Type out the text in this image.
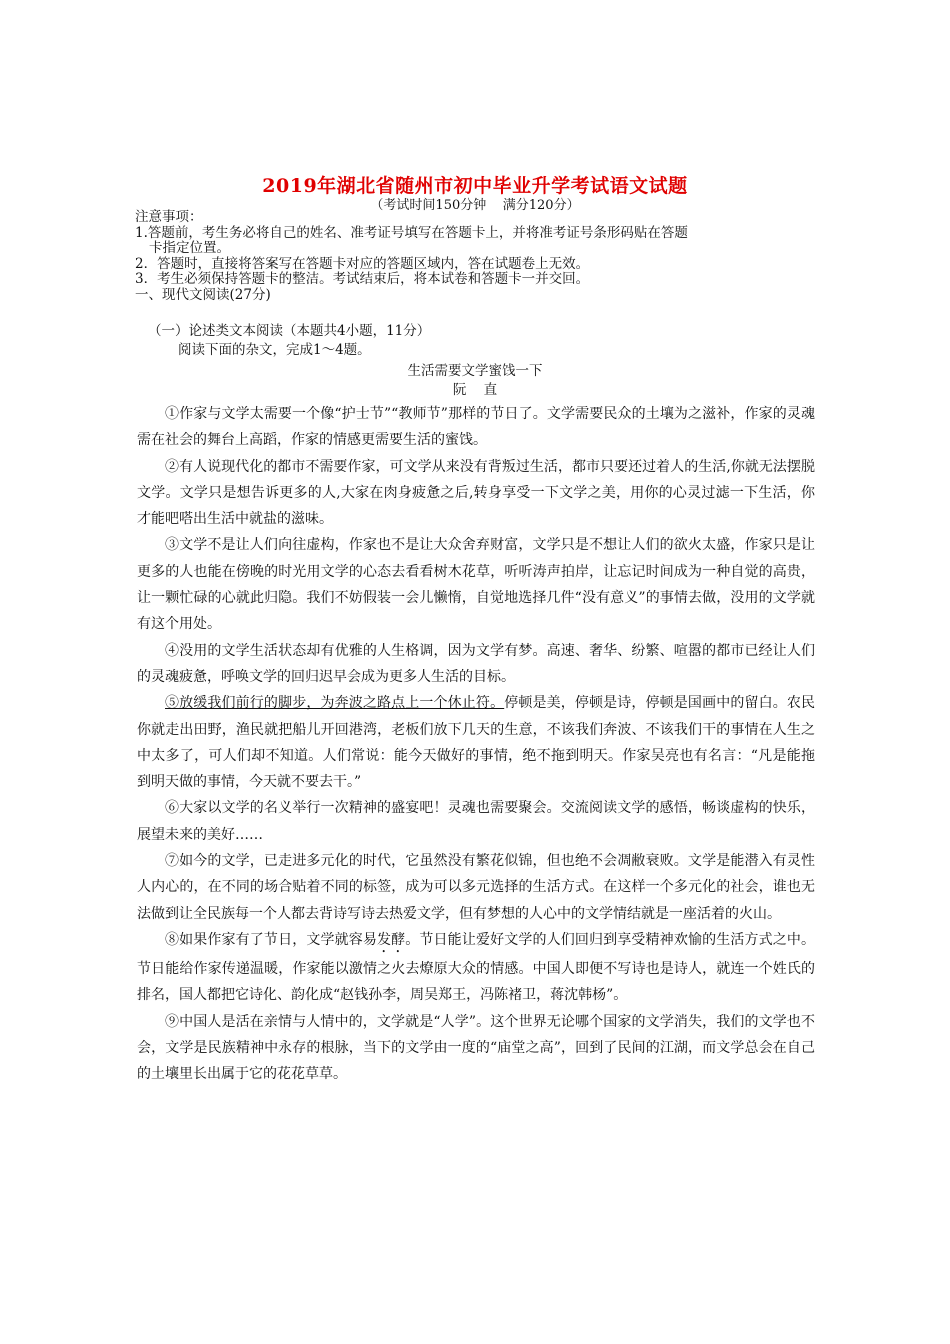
2019年湖北省随州市初中毕业升学考试语文试题
（考试时间150分钟    满分120分）
注意事项：
1.答题前，考生务必将自己的姓名、准考证号填写在答题卡上，并将准考证号条形码贴在答题
卡指定位置。
2．答题时，直接将答案写在答题卡对应的答题区域内，答在试题卷上无效。
3．考生必须保持答题卡的整洁。考试结束后，将本试卷和答题卡一并交回。
一、现代文阅读(27分)
（一）论述类文本阅读（本题共4小题，11分）
阅读下面的杂文，完成1～4题。
生活需要文学蜜饯一下
阮    直

①作家与文学太需要一个像“护士节”“教师节”那样的节日了。文学需要民众的土壤为之滋补，作家的灵魂需在社会的舞台上高蹈，作家的情感更需要生活的蜜饯。

②有人说现代化的都市不需要作家，可文学从来没有背叛过生活，都市只要还过着人的生活,你就无法摆脱文学。文学只是想告诉更多的人,大家在肉身疲惫之后,转身享受一下文学之美，用你的心灵过滤一下生活，你才能吧嗒出生活中就盐的滋味。

③文学不是让人们向往虚构，作家也不是让大众舍弃财富，文学只是不想让人们的欲火太盛，作家只是让更多的人也能在傍晚的时光用文学的心态去看看树木花草，听听涛声拍岸，让忘记时间成为一种自觉的高贵，让一颗忙碌的心就此归隐。我们不妨假装一会儿懒惰，自觉地选择几件“没有意义”的事情去做，没用的文学就有这个用处。

④没用的文学生活状态却有优雅的人生格调，因为文学有梦。高速、奢华、纷繁、喧嚣的都市已经让人们的灵魂疲惫，呼唤文学的回归迟早会成为更多人生活的目标。

⑤放缓我们前行的脚步，为奔波之路点上一个休止符。停顿是美，停顿是诗，停顿是国画中的留白。农民你就走出田野，渔民就把船儿开回港湾，老板们放下几天的生意，不该我们奔波、不该我们干的事情在人生之中太多了，可人们却不知道。人们常说：能今天做好的事情，绝不拖到明天。作家吴亮也有名言：“凡是能拖到明天做的事情，今天就不要去干。”

⑥大家以文学的名义举行一次精神的盛宴吧！灵魂也需要聚会。交流阅读文学的感悟，畅谈虚构的快乐，展望未来的美好……

⑦如今的文学，已走进多元化的时代，它虽然没有繁花似锦，但也绝不会凋敝衰败。文学是能潜入有灵性人内心的，在不同的场合贴着不同的标签，成为可以多元选择的生活方式。在这样一个多元化的社会，谁也无法做到让全民族每一个人都去背诗写诗去热爱文学，但有梦想的人心中的文学情结就是一座活着的火山。

⑧如果作家有了节日，文学就容易发酵。节日能让爱好文学的人们回归到享受精神欢愉的生活方式之中。节日能给作家传递温暖，作家能以激情之火去燎原大众的情感。中国人即便不写诗也是诗人，就连一个姓氏的排名，国人都把它诗化、韵化成“赵钱孙李，周吴郑王，冯陈褚卫，蒋沈韩杨”。

⑨中国人是活在亲情与人情中的，文学就是“人学”。这个世界无论哪个国家的文学消失，我们的文学也不会，文学是民族精神中永存的根脉，当下的文学由一度的“庙堂之高”，回到了民间的江湖，而文学总会在自己的土壤里长出属于它的花花草草。
